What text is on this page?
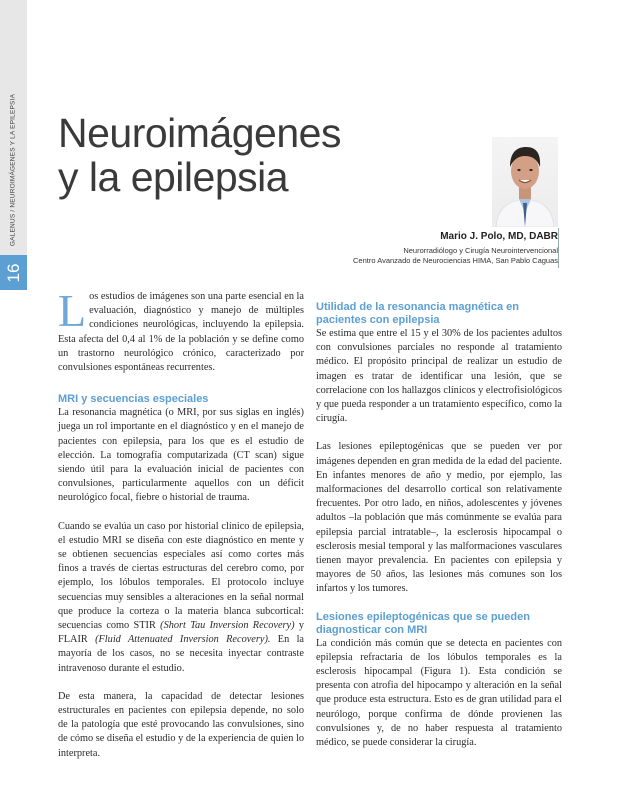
GALENUS / NEUROIMÁGENES Y LA EPILEPSIA
16
Neuroimágenes
y la epilepsia
Mario J. Polo, MD, DABR
Neurorradiólogo y Cirugía Neurointervencional
Centro Avanzado de Neurociencias HIMA, San Pablo Caguas

Los estudios de imágenes son una parte esencial en la evaluación, diagnóstico y manejo de múltiples condiciones neurológicas, incluyendo la epilepsia. Esta afecta del 0,4 al 1% de la población y se define como un trastorno neurológico crónico, caracterizado por convulsiones espontáneas recurrentes.

MRI y secuencias especiales

La resonancia magnética (o MRI, por sus siglas en inglés) juega un rol importante en el diagnóstico y en el manejo de pacientes con epilepsia, para los que es el estudio de elección. La tomografía computarizada (CT scan) sigue siendo útil para la evaluación inicial de pacientes con convulsiones, particularmente aquellos con un déficit neurológico focal, fiebre o historial de trauma.

Cuando se evalúa un caso por historial clínico de epilepsia, el estudio MRI se diseña con este diagnóstico en mente y se obtienen secuencias especiales así como cortes más finos a través de ciertas estructuras del cerebro como, por ejemplo, los lóbulos temporales. El protocolo incluye secuencias muy sensibles a alteraciones en la señal normal que produce la corteza o la materia blanca subcortical: secuencias como STIR (Short Tau Inversion Recovery) y FLAIR (Fluid Attenuated Inversion Recovery). En la mayoría de los casos, no se necesita inyectar contraste intravenoso durante el estudio.

De esta manera, la capacidad de detectar lesiones estructurales en pacientes con epilepsia depende, no solo de la patología que esté provocando las convulsiones, sino de cómo se diseña el estudio y de la experiencia de quien lo interpreta.

Utilidad de la resonancia magnética en pacientes con epilepsia

Se estima que entre el 15 y el 30% de los pacientes adultos con convulsiones parciales no responde al tratamiento médico. El propósito principal de realizar un estudio de imagen es tratar de identificar una lesión, que se correlacione con los hallazgos clínicos y electrofisiológicos y que pueda responder a un tratamiento específico, como la cirugía.

Las lesiones epileptogénicas que se pueden ver por imágenes dependen en gran medida de la edad del paciente. En infantes menores de año y medio, por ejemplo, las malformaciones del desarrollo cortical son relativamente frecuentes. Por otro lado, en niños, adolescentes y jóvenes adultos –la población que más comúnmente se evalúa para epilepsia parcial intratable–, la esclerosis hipocampal o esclerosis mesial temporal y las malformaciones vasculares tienen mayor prevalencia. En pacientes con epilepsia y mayores de 50 años, las lesiones más comunes son los infartos y los tumores.

Lesiones epileptogénicas que se pueden diagnosticar con MRI

La condición más común que se detecta en pacientes con epilepsia refractaria de los lóbulos temporales es la esclerosis hipocampal (Figura 1). Esta condición se presenta con atrofia del hipocampo y alteración en la señal que produce esta estructura. Esto es de gran utilidad para el neurólogo, porque confirma de dónde provienen las convulsiones y, de no haber respuesta al tratamiento médico, se puede considerar la cirugía.
